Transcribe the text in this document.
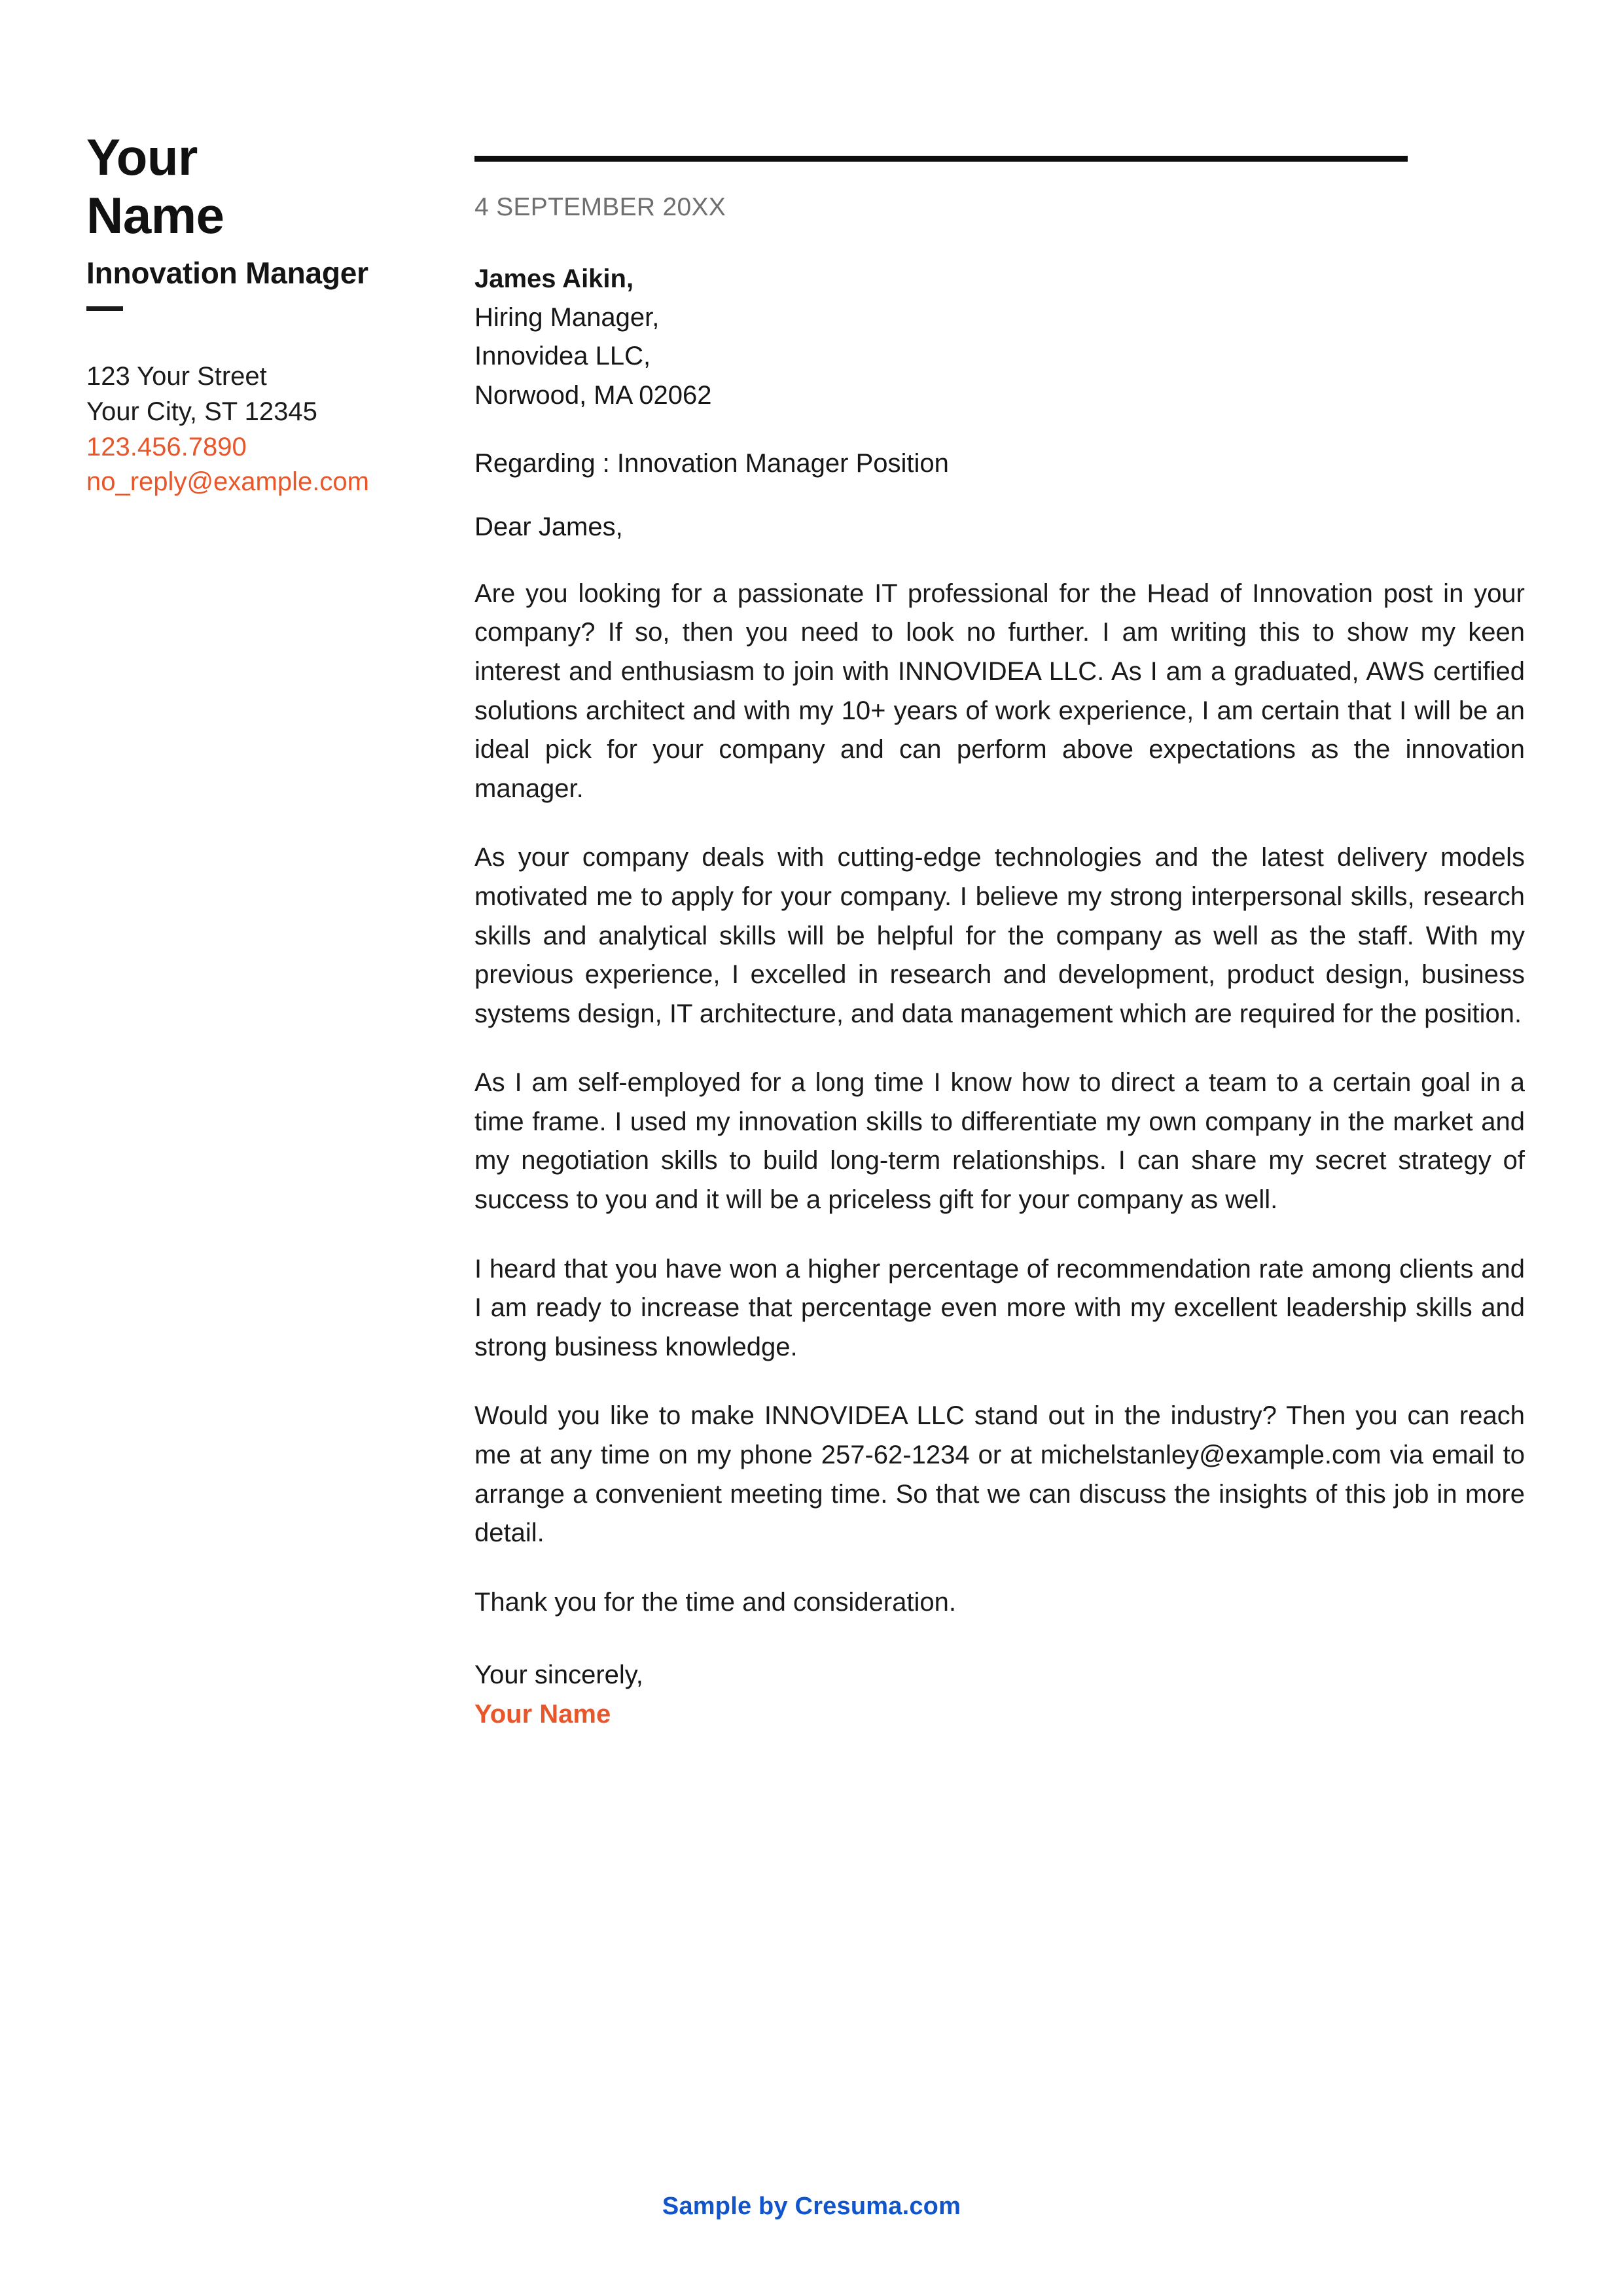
Your
Name
Innovation Manager
123 Your Street
Your City, ST 12345
123.456.7890
no_reply@example.com
4 SEPTEMBER 20XX
James Aikin,
Hiring Manager,
Innovidea LLC,
Norwood, MA 02062
Regarding : Innovation Manager Position
Dear James,

Are you looking for a passionate IT professional for the Head of Innovation post in your company? If so, then you need to look no further. I am writing this to show my keen interest and enthusiasm to join with INNOVIDEA LLC. As I am a graduated, AWS certified solutions architect and with my 10+ years of work experience, I am certain that I will be an ideal pick for your company and can perform above expectations as the innovation manager.

As your company deals with cutting-edge technologies and the latest delivery models motivated me to apply for your company. I believe my strong interpersonal skills, research skills and analytical skills will be helpful for the company as well as the staff. With my previous experience, I excelled in research and development, product design, business systems design, IT architecture, and data management which are required for the position.

As I am self-employed for a long time I know how to direct a team to a certain goal in a time frame. I used my innovation skills to differentiate my own company in the market and my negotiation skills to build long-term relationships. I can share my secret strategy of success to you and it will be a priceless gift for your company as well.

I heard that you have won a higher percentage of recommendation rate among clients and I am ready to increase that percentage even more with my excellent leadership skills and strong business knowledge.

Would you like to make INNOVIDEA LLC stand out in the industry? Then you can reach me at any time on my phone 257-62-1234 or at michelstanley@example.com via email to arrange a convenient meeting time. So that we can discuss the insights of this job in more detail.

Thank you for the time and consideration.

Your sincerely,
Your Name
Sample by Cresuma.com
